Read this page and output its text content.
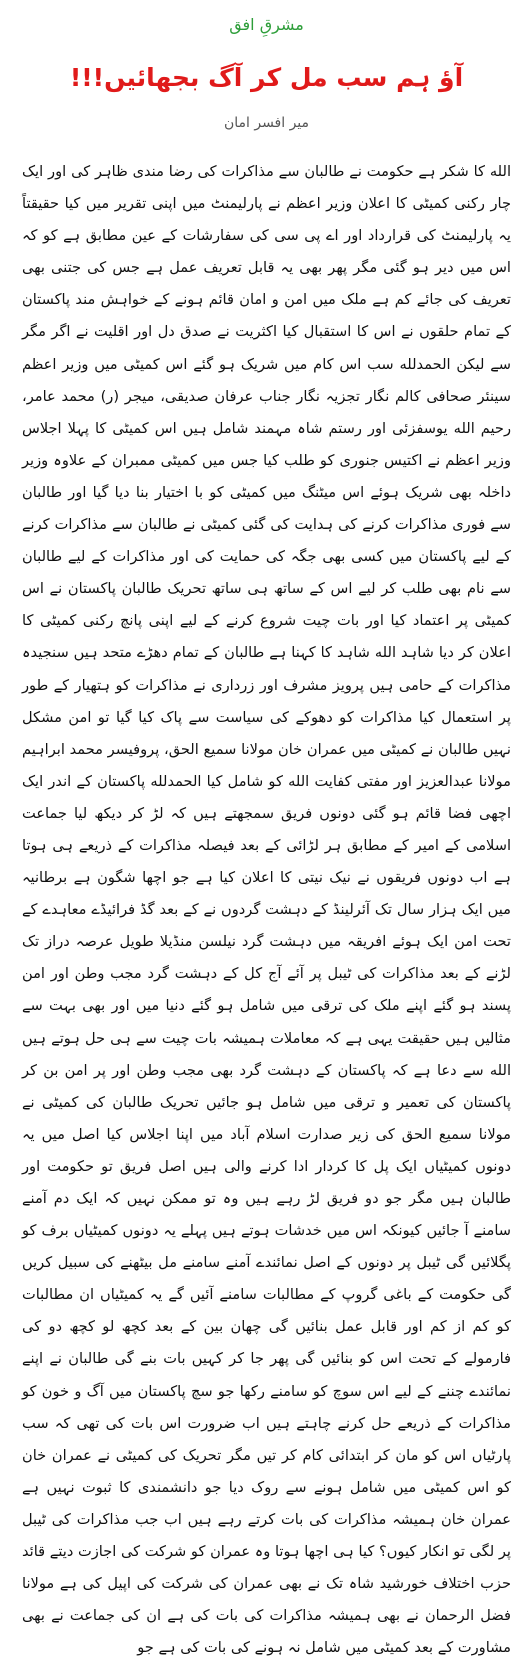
مشرقِ افق
آؤ ہم سب مل کر آگ بجھائیں!!!
میر افسر امان

الله کا شکر ہے حکومت نے طالبان سے مذاکرات کی رضا مندی ظاہر کی اور ایک چار رکنی کمیٹی کا اعلان وزیر اعظم نے پارلیمنٹ میں اپنی تقریر میں کیا حقیقتاً یہ پارلیمنٹ کی قرارداد اور اے پی سی کی سفارشات کے عین مطابق ہے کو کہ اس میں دیر ہو گئی مگر پھر بھی یہ قابل تعریف عمل ہے جس کی جتنی بھی تعریف کی جائے کم ہے ملک میں امن و امان قائم ہونے کے خواہش مند پاکستان کے تمام حلقوں نے اس کا استقبال کیا اکثریت نے صدق دل اور اقلیت نے اگر مگر سے لیکن الحمدلله سب اس کام میں شریک ہو گئے اس کمیٹی میں وزیر اعظم سینئر صحافی کالم نگار تجزیہ نگار جناب عرفان صدیقی، میجر (ر) محمد عامر، رحیم الله یوسفزئی اور رستم شاہ مہمند شامل ہیں اس کمیٹی کا پہلا اجلاس وزیر اعظم نے اکتیس جنوری کو طلب کیا جس میں کمیٹی ممبران کے علاوہ وزیر داخلہ بھی شریک ہوئے اس میٹنگ میں کمیٹی کو با اختیار بنا دیا گیا اور طالبان سے فوری مذاکرات کرنے کی ہدایت کی گئی کمیٹی نے طالبان سے مذاکرات کرنے کے لیے پاکستان میں کسی بھی جگہ کی حمایت کی اور مذاکرات کے لیے طالبان سے نام بھی طلب کر لیے اس کے ساتھ ہی ساتھ تحریک طالبان پاکستان نے اس کمیٹی پر اعتماد کیا اور بات چیت شروع کرنے کے لیے اپنی پانچ رکنی کمیٹی کا اعلان کر دیا شاہد الله شاہد کا کہنا ہے طالبان کے تمام دھڑے متحد ہیں سنجیدہ مذاکرات کے حامی ہیں پرویز مشرف اور زرداری نے مذاکرات کو ہتھیار کے طور پر استعمال کیا مذاکرات کو دھوکے کی سیاست سے پاک کیا گیا تو امن مشکل نہیں طالبان نے کمیٹی میں عمران خان مولانا سمیع الحق، پروفیسر محمد ابراہیم مولانا عبدالعزیز اور مفتی کفایت الله کو شامل کیا الحمدلله پاکستان کے اندر ایک اچھی فضا قائم ہو گئی دونوں فریق سمجھتے ہیں کہ لڑ کر دیکھ لیا جماعت اسلامی کے امیر کے مطابق ہر لڑائی کے بعد فیصلہ مذاکرات کے ذریعے ہی ہوتا ہے اب دونوں فریقوں نے نیک نیتی کا اعلان کیا ہے جو اچھا شگون ہے برطانیہ میں ایک ہزار سال تک آئرلینڈ کے دہشت گردوں نے کے بعد گڈ فرائیڈے معاہدے کے تحت امن ایک ہوئے افریقہ میں دہشت گرد نیلسن منڈیلا طویل عرصہ دراز تک لڑنے کے بعد مذاکرات کی ٹیبل پر آئے آج کل کے دہشت گرد مجب وطن اور امن پسند ہو گئے اپنے ملک کی ترقی میں شامل ہو گئے دنیا میں اور بھی بہت سے مثالیں ہیں حقیقت یہی ہے کہ معاملات ہمیشہ بات چیت سے ہی حل ہوتے ہیں الله سے دعا ہے کہ پاکستان کے دہشت گرد بھی مجب وطن اور پر امن بن کر پاکستان کی تعمیر و ترقی میں شامل ہو جائیں تحریک طالبان کی کمیٹی نے مولانا سمیع الحق کی زیر صدارت اسلام آباد میں اپنا اجلاس کیا اصل میں یہ دونوں کمیٹیاں ایک پل کا کردار ادا کرنے والی ہیں اصل فریق تو حکومت اور طالبان ہیں مگر جو دو فریق لڑ رہے ہیں وہ تو ممکن نہیں کہ ایک دم آمنے سامنے آ جائیں کیونکہ اس میں خدشات ہوتے ہیں پہلے یہ دونوں کمیٹیاں برف کو پگلائیں گی ٹیبل پر دونوں کے اصل نمائندے آمنے سامنے مل بیٹھنے کی سبیل کریں گی حکومت کے باغی گروپ کے مطالبات سامنے آئیں گے یہ کمیٹیاں ان مطالبات کو کم از کم اور قابل عمل بنائیں گی چھان بین کے بعد کچھ لو کچھ دو کی فارمولے کے تحت اس کو بنائیں گی پھر جا کر کہیں بات بنے گی طالبان نے اپنے نمائندے چننے کے لیے اس سوچ کو سامنے رکھا جو سچ پاکستان میں آگ و خون کو مذاکرات کے ذریعے حل کرنے چاہتے ہیں اب ضرورت اس بات کی تھی کہ سب پارٹیاں اس کو مان کر ابتدائی کام کر تیں مگر تحریک کی کمیٹی نے عمران خان کو اس کمیٹی میں شامل ہونے سے روک دیا جو دانشمندی کا ثبوت نہیں ہے عمران خان ہمیشہ مذاکرات کی بات کرتے رہے ہیں اب جب مذاکرات کی ٹیبل پر لگی تو انکار کیوں؟ کیا ہی اچھا ہوتا وہ عمران کو شرکت کی اجازت دیتے قائد حزب اختلاف خورشید شاہ تک نے بھی عمران کی شرکت کی اپیل کی ہے مولانا فضل الرحمان نے بھی ہمیشہ مذاکرات کی بات کی ہے ان کی جماعت نے بھی مشاورت کے بعد کمیٹی میں شامل نہ ہونے کی بات کی ہے جو
